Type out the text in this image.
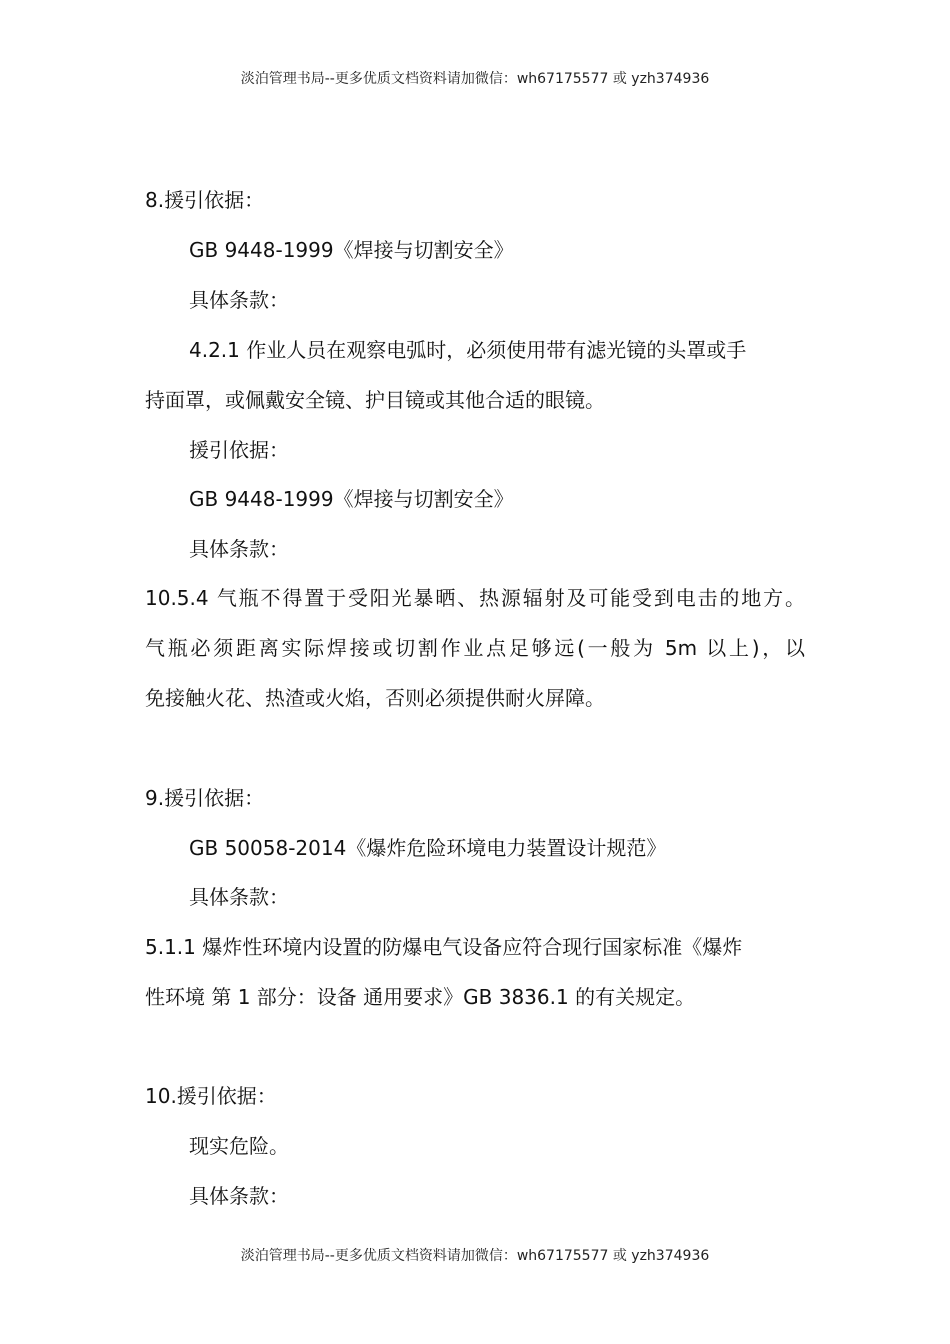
淡泊管理书局--更多优质文档资料请加微信：wh67175577 或 yzh374936
8.援引依据：
GB 9448-1999《焊接与切割安全》
具体条款：
4.2.1 作业人员在观察电弧时，必须使用带有滤光镜的头罩或手
持面罩，或佩戴安全镜、护目镜或其他合适的眼镜。
援引依据：
GB 9448-1999《焊接与切割安全》
具体条款：
10.5.4 气瓶不得置于受阳光暴晒、热源辐射及可能受到电击的地方。
气瓶必须距离实际焊接或切割作业点足够远(一般为 5m 以上)，以
免接触火花、热渣或火焰，否则必须提供耐火屏障。
9.援引依据：
GB 50058-2014《爆炸危险环境电力装置设计规范》
具体条款：
5.1.1 爆炸性环境内设置的防爆电气设备应符合现行国家标准《爆炸
性环境 第 1 部分：设备 通用要求》GB 3836.1 的有关规定。
10.援引依据：
现实危险。
具体条款：
淡泊管理书局--更多优质文档资料请加微信：wh67175577 或 yzh374936
